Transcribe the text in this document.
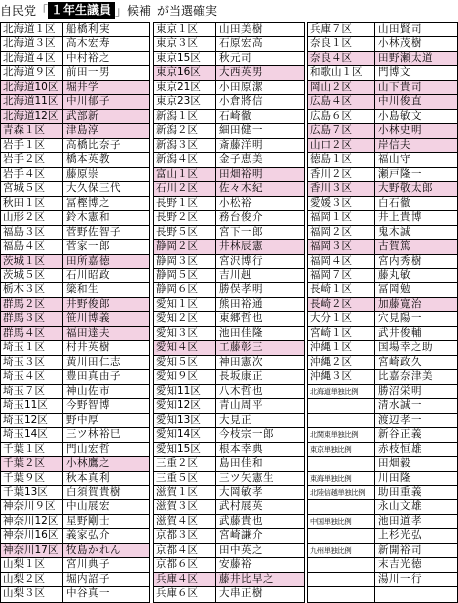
自民党「 １年生議員 」候補 が当選確実
北海道１区	船橋利実
北海道３区	高木宏寿
北海道４区	中村裕之
北海道９区	前田一男
北海道10区 堀井学
北海道11区 中川郁子
北海道12区 武部新
青森１区	津島淳
岩手１区	高橋比奈子
岩手２区	橋本英教
岩手４区	藤原崇
宮城５区	大久保三代
秋田１区	冨樫博之
山形２区	鈴木憲和
福島３区	菅野佐智子
福島４区	菅家一郎
茨城１区	田所嘉徳
茨城５区	石川昭政
栃木３区	簗和生
群馬２区	井野俊郎
群馬３区	笹川博義
群馬４区	福田達夫
埼玉１区	村井英樹
埼玉３区	黄川田仁志
埼玉４区	豊田真由子
埼玉７区	神山佐市
埼玉11区	今野智博
埼玉12区	野中厚
埼玉14区	三ツ林裕巳
千葉１区	門山宏哲
千葉２区	小林鷹之
千葉９区	秋本真利
千葉13区	白須賀貴樹
神奈川９区	中山展宏
神奈川12区 星野剛士
神奈川16区 義家弘介
神奈川17区 牧島かれん
山梨１区	宮川典子
山梨２区	堀内詔子
山梨３区	中谷真一
東京１区	山田美樹
東京３区	石原宏高
東京15区	秋元司
東京16区	大西英男
東京21区	小田原潔
東京23区	小倉將信
新潟１区	石崎徹
新潟２区	細田健一
新潟３区	斎藤洋明
新潟４区	金子恵美
富山１区	田畑裕明
石川２区	佐々木紀
長野１区	小松裕
長野２区	務台俊介
長野５区	宮下一郎
静岡２区	井林辰憲
静岡３区	宮沢博行
静岡５区	吉川赳
静岡６区	勝俣孝明
愛知１区	熊田裕通
愛知２区	東郷哲也
愛知３区	池田佳隆
愛知４区	工藤彰三
愛知５区	神田憲次
愛知９区	長坂康正
愛知11区	八木哲也
愛知12区	青山周平
愛知13区	大見正
愛知14区	今枝宗一郎
愛知15区	根本幸典
三重２区	島田佳和
三重５区	三ツ矢憲生
滋賀１区	大岡敏孝
滋賀３区	武村展英
滋賀４区	武藤貴也
京都３区	宮崎謙介
京都４区	田中英之
京都６区	安藤裕
兵庫４区	藤井比早之
兵庫６区	大串正樹
兵庫７区	山田賢司
奈良１区	小林茂樹
奈良４区	田野瀬太道
和歌山１区	門博文
岡山２区	山下貴司
広島４区	中川俊直
広島６区	小島敏文
広島７区	小林史明
山口２区	岸信夫
徳島１区	福山守
香川２区	瀬戸隆一
香川３区	大野敬太郎
愛媛３区	白石徹
福岡１区	井上貴博
福岡２区	鬼木誠
福岡３区	古賀篤
福岡４区	宮内秀樹
福岡７区	藤丸敏
長崎１区	冨岡勉
長崎２区	加藤寛治
大分１区	穴見陽一
宮崎１区	武井俊輔
沖縄１区	国場幸之助
沖縄２区	宮崎政久
沖縄３区	比嘉奈津美
北海道単独比例	勝沼栄明
清水誠一
渡辺孝一
北関東単独比例	新谷正義
東京単独比例	赤枝恒雄
田畑毅
東海単独比例	川田隆
北陸信越単独比例	助田重義
永山文雄
中国単独比例	池田道孝
上杉光弘
九州単独比例	新開裕司
末吉光徳
湯川一行
